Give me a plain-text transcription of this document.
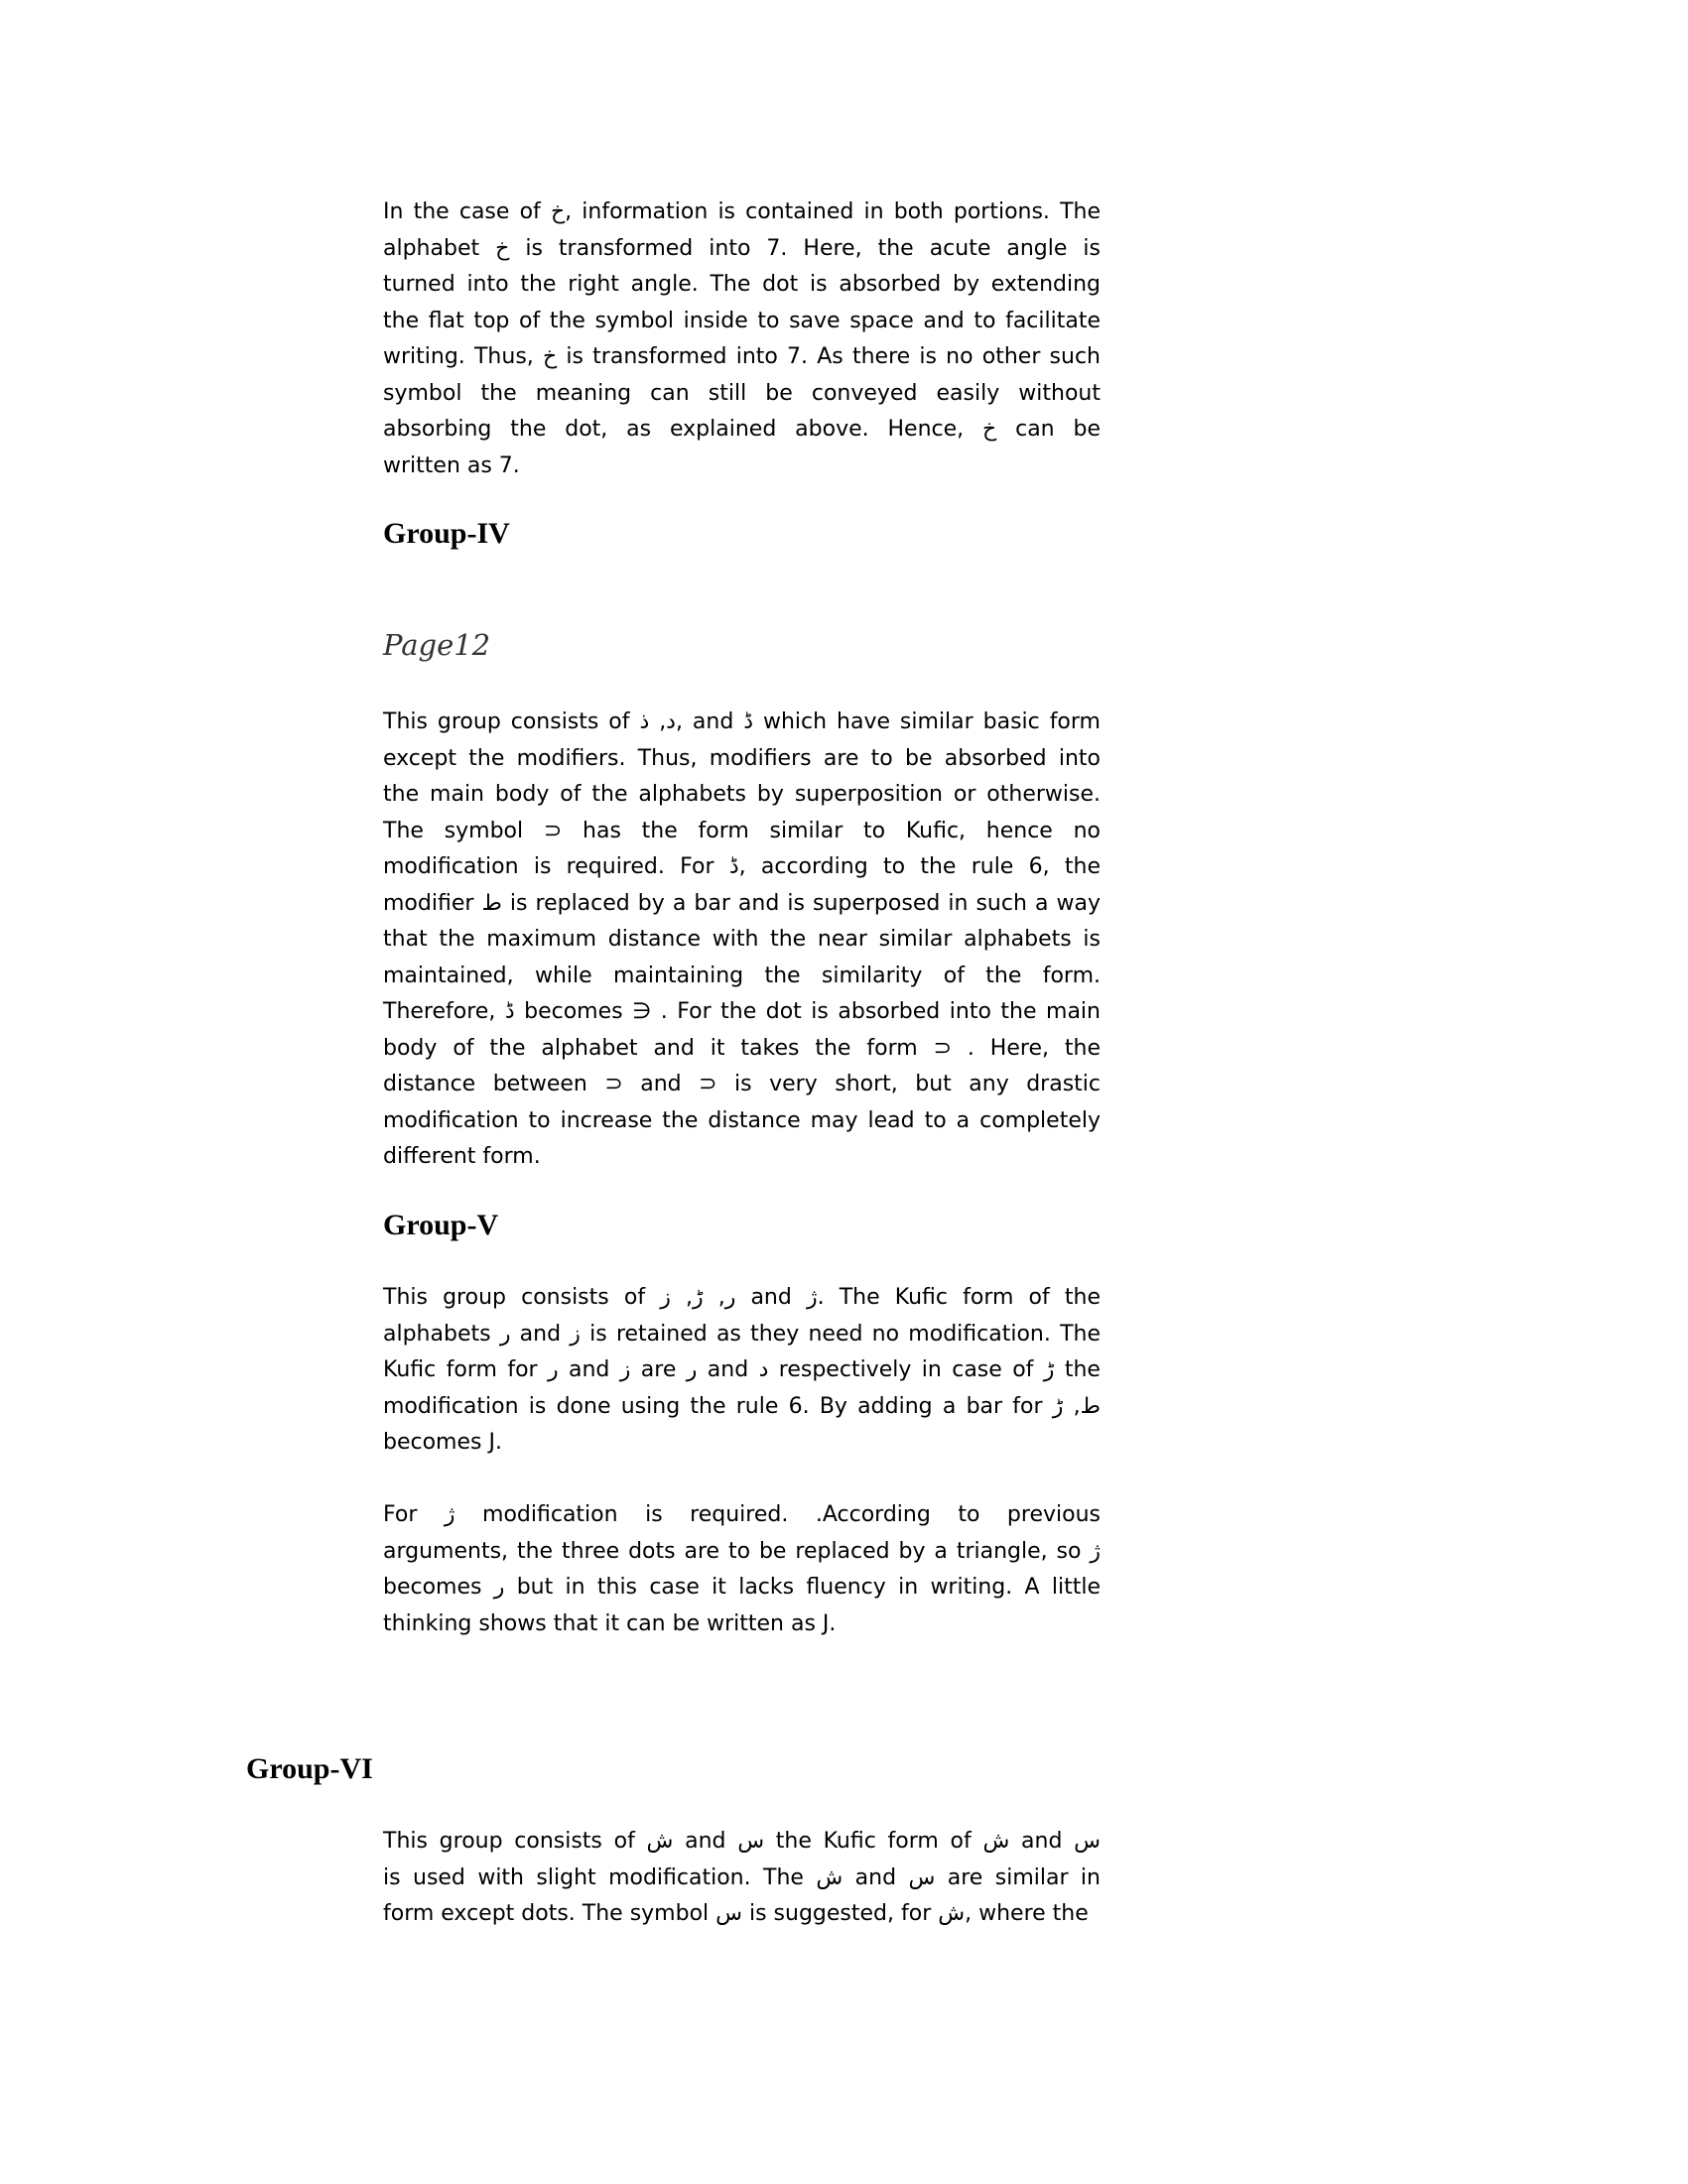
In the case of خ, information is contained in both portions. The
alphabet خ is transformed into 7. Here, the acute angle is
turned into the right angle. The dot is absorbed by extending
the flat top of the symbol inside to save space and to facilitate
writing. Thus, خ is transformed into 7. As there is no other such
symbol the meaning can still be conveyed easily without
absorbing the dot, as explained above. Hence, خ can be
written as 7.
Group-IV
Page12
This group consists of د, ذ, and ڈ which have similar basic form
except the modifiers. Thus, modifiers are to be absorbed into
the main body of the alphabets by superposition or otherwise.
The symbol ⊃ has the form similar to Kufic, hence no
modification is required. For ڈ, according to the rule 6, the
modifier ط is replaced by a bar and is superposed in such a way
that the maximum distance with the near similar alphabets is
maintained, while maintaining the similarity of the form.
Therefore, ڈ becomes ∋ . For the dot is absorbed into the main
body of the alphabet and it takes the form ⊃ . Here, the
distance between ⊃ and ⊃ is very short, but any drastic
modification to increase the distance may lead to a completely
different form.
Group-V
This group consists of ر, ڑ, ز and ژ. The Kufic form of the
alphabets ر and ز is retained as they need no modification. The
Kufic form for ر and ز are ر and د respectively in case of ڑ the
modification is done using the rule 6. By adding a bar for ط, ڑ
becomes J.
For ژ modification is required. .According to previous
arguments, the three dots are to be replaced by a triangle, so ژ
becomes ر but in this case it lacks fluency in writing. A little
thinking shows that it can be written as J.
Group-VI
This group consists of ش and س the Kufic form of ش and س
is used with slight modification. The ش and س are similar in
form except dots. The symbol س is suggested, for ش, where the
